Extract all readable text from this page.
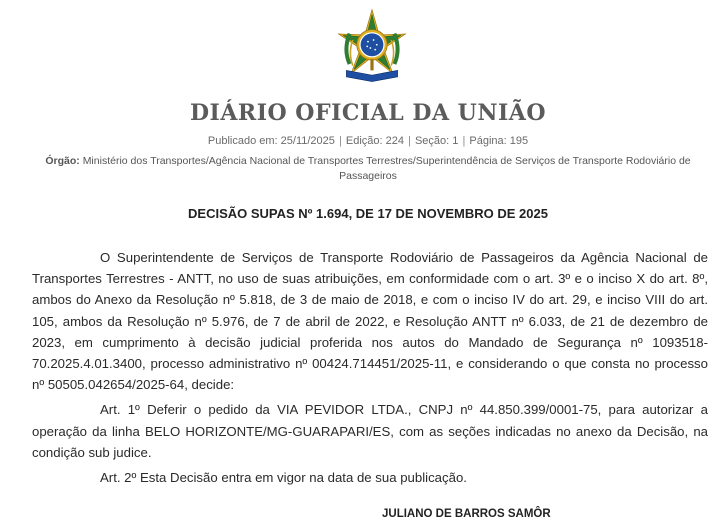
DIÁRIO OFICIAL DA UNIÃO
Publicado em: 25/11/2025 | Edição: 224 | Seção: 1 | Página: 195
Órgão: Ministério dos Transportes/Agência Nacional de Transportes Terrestres/Superintendência de Serviços de Transporte Rodoviário de Passageiros
DECISÃO SUPAS Nº 1.694, DE 17 DE NOVEMBRO DE 2025

O Superintendente de Serviços de Transporte Rodoviário de Passageiros da Agência Nacional de Transportes Terrestres - ANTT, no uso de suas atribuições, em conformidade com o art. 3º e o inciso X do art. 8º, ambos do Anexo da Resolução nº 5.818, de 3 de maio de 2018, e com o inciso IV do art. 29, e inciso VIII do art. 105, ambos da Resolução nº 5.976, de 7 de abril de 2022, e Resolução ANTT nº 6.033, de 21 de dezembro de 2023, em cumprimento à decisão judicial proferida nos autos do Mandado de Segurança nº 1093518-70.2025.4.01.3400, processo administrativo nº 00424.714451/2025-11, e considerando o que consta no processo nº 50505.042654/2025-64, decide:

Art. 1º Deferir o pedido da VIA PEVIDOR LTDA., CNPJ nº 44.850.399/0001-75, para autorizar a operação da linha BELO HORIZONTE/MG-GUARAPARI/ES, com as seções indicadas no anexo da Decisão, na condição sub judice.

Art. 2º Esta Decisão entra em vigor na data de sua publicação.

JULIANO DE BARROS SAMÔR
